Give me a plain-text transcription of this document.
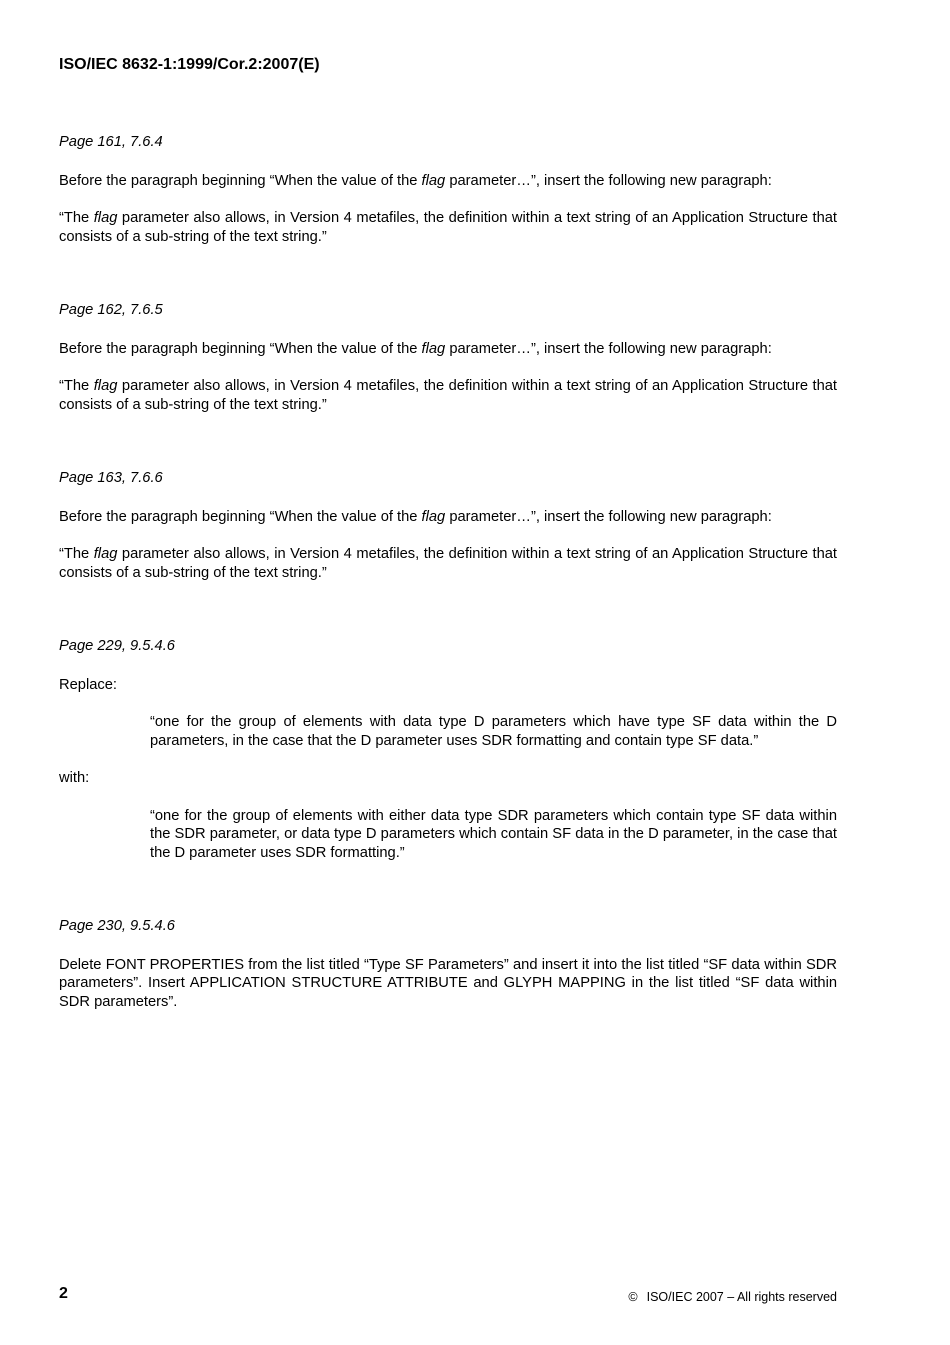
ISO/IEC 8632-1:1999/Cor.2:2007(E)

Page 161, 7.6.4

Before the paragraph beginning “When the value of the flag parameter…”, insert the following new paragraph:

“The flag parameter also allows, in Version 4 metafiles, the definition within a text string of an Application Structure that consists of a sub-string of the text string.”

Page 162, 7.6.5

Before the paragraph beginning “When the value of the flag parameter…”, insert the following new paragraph:

“The flag parameter also allows, in Version 4 metafiles, the definition within a text string of an Application Structure that consists of a sub-string of the text string.”

Page 163, 7.6.6

Before the paragraph beginning “When the value of the flag parameter…”, insert the following new paragraph:

“The flag parameter also allows, in Version 4 metafiles, the definition within a text string of an Application Structure that consists of a sub-string of the text string.”

Page 229, 9.5.4.6

Replace:

“one for the group of elements with data type D parameters which have type SF data within the D parameters, in the case that the D parameter uses SDR formatting and contain type SF data.”

with:

“one for the group of elements with either data type SDR parameters which contain type SF data within the SDR parameter, or data type D parameters which contain SF data in the D parameter, in the case that the D parameter uses SDR formatting.”

Page 230, 9.5.4.6

Delete FONT PROPERTIES from the list titled “Type SF Parameters” and insert it into the list titled “SF data within SDR parameters”. Insert APPLICATION STRUCTURE ATTRIBUTE and GLYPH MAPPING in the list titled “SF data within SDR parameters”.

2	© ISO/IEC 2007 – All rights reserved
